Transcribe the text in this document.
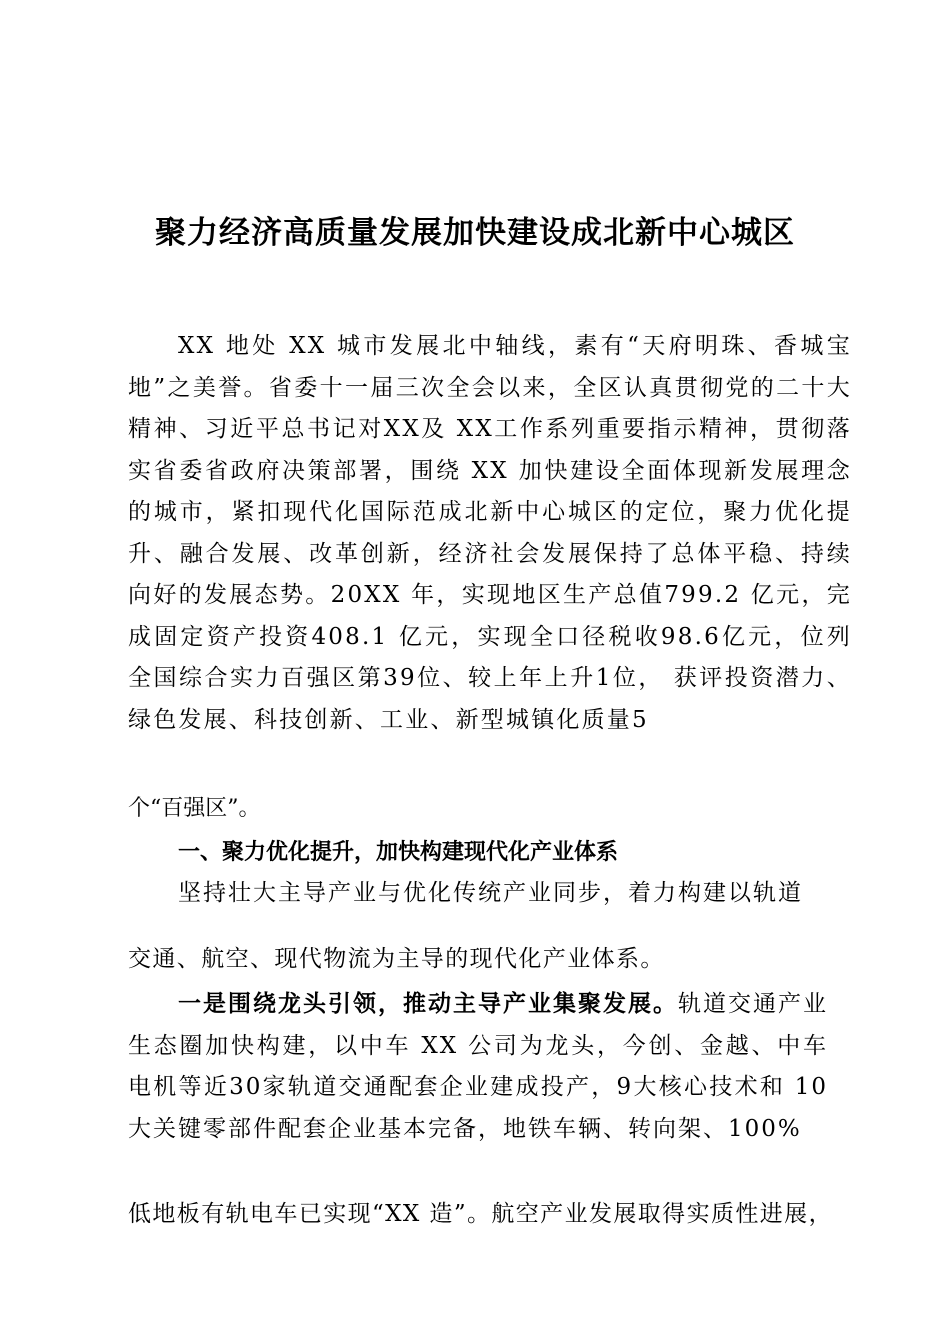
聚力经济高质量发展加快建设成北新中心城区

XX 地处 XX 城市发展北中轴线，素有“天府明珠、香城宝地”之美誉。省委十一届三次全会以来，全区认真贯彻党的二十大精神、习近平总书记对XX及 XX工作系列重要指示精神，贯彻落实省委省政府决策部署，围绕 XX 加快建设全面体现新发展理念的城市，紧扣现代化国际范成北新中心城区的定位，聚力优化提升、融合发展、改革创新，经济社会发展保持了总体平稳、持续向好的发展态势。20XX 年，实现地区生产总值799.2 亿元，完成固定资产投资408.1 亿元，实现全口径税收98.6亿元，位列全国综合实力百强区第39位、较上年上升1位， 获评投资潜力、绿色发展、科技创新、工业、新型城镇化质量5

个“百强区”。

一、聚力优化提升，加快构建现代化产业体系

坚持壮大主导产业与优化传统产业同步，着力构建以轨道

交通、航空、现代物流为主导的现代化产业体系。

一是围绕龙头引领，推动主导产业集聚发展。轨道交通产业生态圈加快构建，以中车 XX 公司为龙头，今创、金越、中车电机等近30家轨道交通配套企业建成投产，9大核心技术和 10大关键零部件配套企业基本完备，地铁车辆、转向架、100%

低地板有轨电车已实现“XX 造”。航空产业发展取得实质性进展，
